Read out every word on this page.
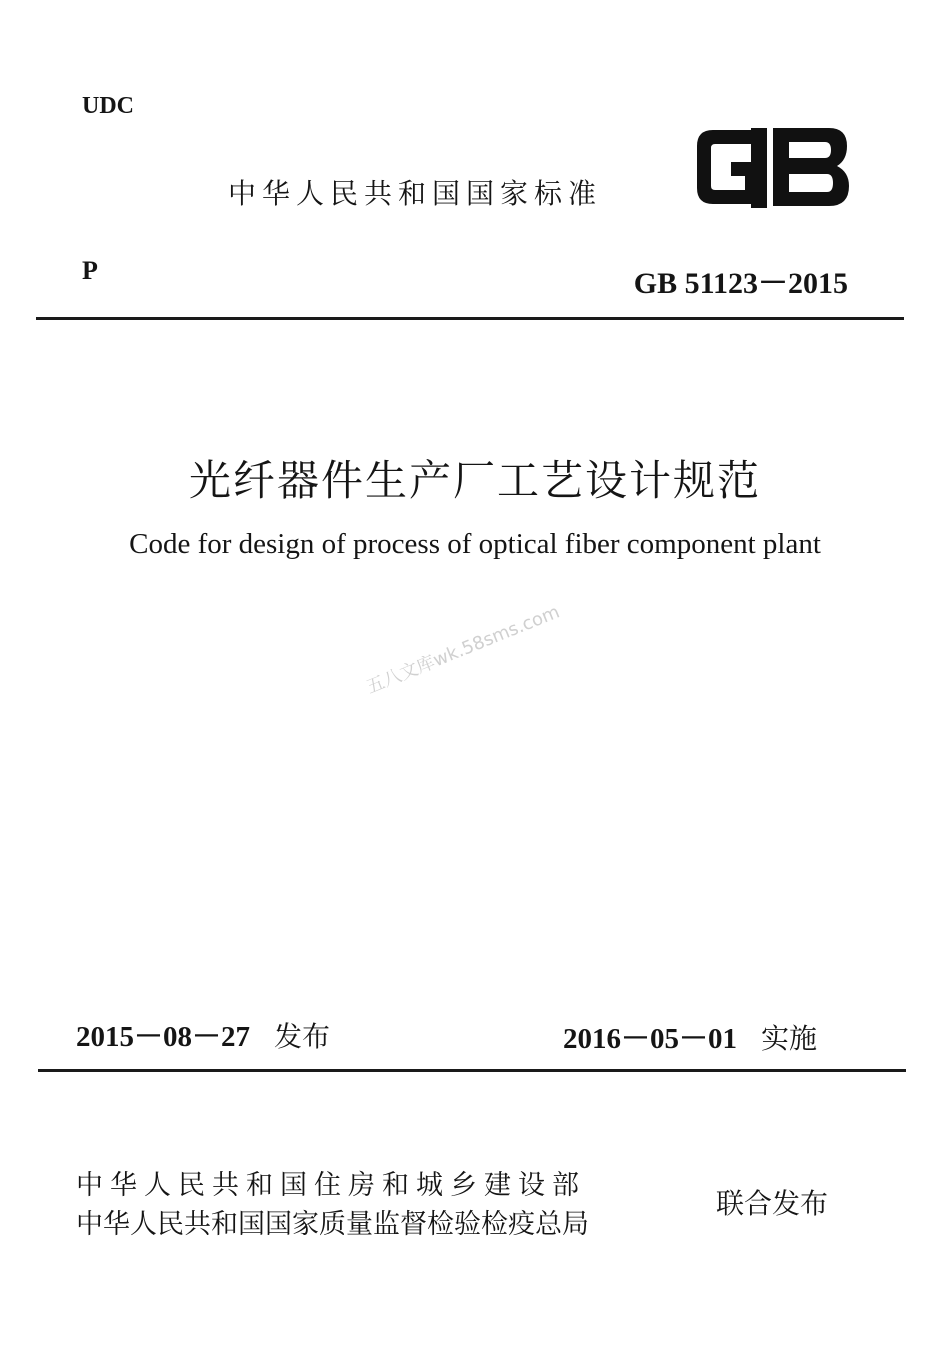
UDC
中华人民共和国国家标准
P	GB 51123－2015
光纤器件生产厂工艺设计规范
Code for design of process of optical fiber component plant
五八文库wk.58sms.com
2015－08－27 发布	2016－05－01 实施
中华人民共和国住房和城乡建设部
中华人民共和国国家质量监督检验检疫总局
联合发布
